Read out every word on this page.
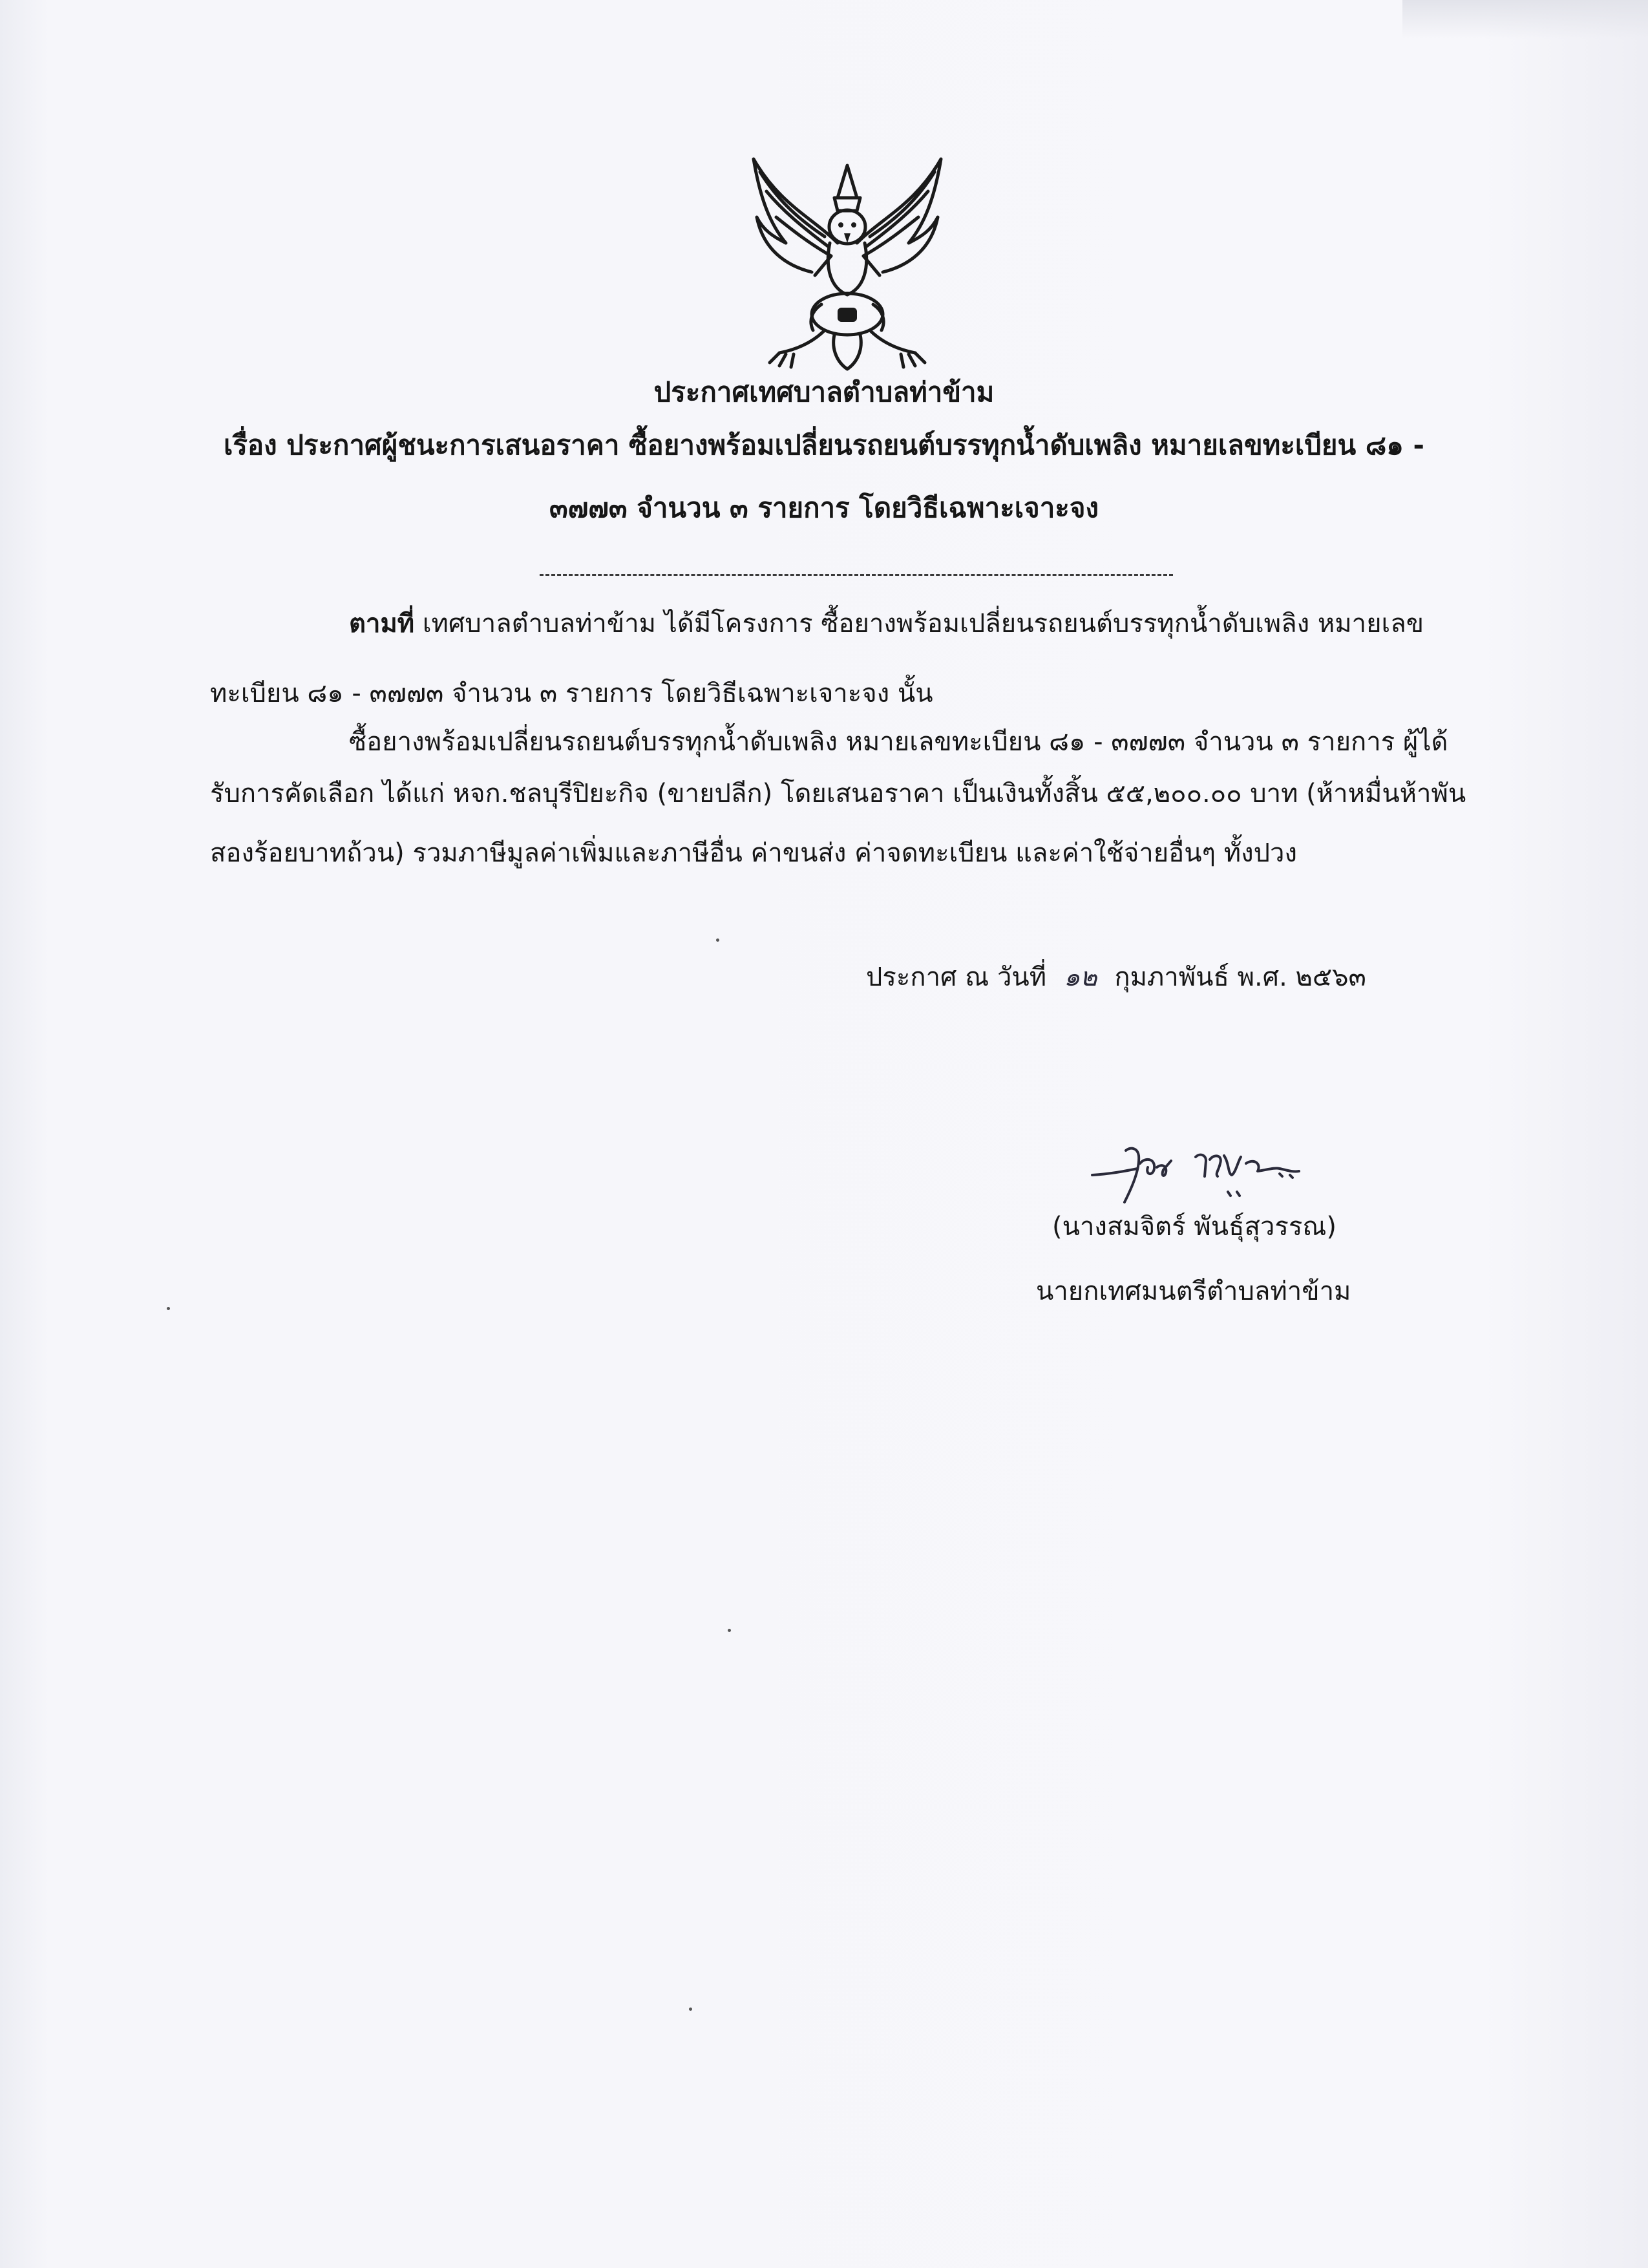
ประกาศเทศบาลตำบลท่าข้าม
เรื่อง ประกาศผู้ชนะการเสนอราคา ซื้อยางพร้อมเปลี่ยนรถยนต์บรรทุกน้ำดับเพลิง หมายเลขทะเบียน ๘๑ -
๓๗๗๓ จำนวน ๓ รายการ โดยวิธีเฉพาะเจาะจง
ตามที่ เทศบาลตำบลท่าข้าม ได้มีโครงการ ซื้อยางพร้อมเปลี่ยนรถยนต์บรรทุกน้ำดับเพลิง หมายเลข
ทะเบียน ๘๑ - ๓๗๗๓ จำนวน ๓ รายการ โดยวิธีเฉพาะเจาะจง นั้น
ซื้อยางพร้อมเปลี่ยนรถยนต์บรรทุกน้ำดับเพลิง หมายเลขทะเบียน ๘๑ - ๓๗๗๓ จำนวน ๓ รายการ ผู้ได้
รับการคัดเลือก ได้แก่ หจก.ชลบุรีปิยะกิจ (ขายปลีก) โดยเสนอราคา เป็นเงินทั้งสิ้น ๕๕,๒๐๐.๐๐ บาท (ห้าหมื่นห้าพัน
สองร้อยบาทถ้วน) รวมภาษีมูลค่าเพิ่มและภาษีอื่น ค่าขนส่ง ค่าจดทะเบียน และค่าใช้จ่ายอื่นๆ ทั้งปวง
ประกาศ ณ วันที่ ๑๒ กุมภาพันธ์ พ.ศ. ๒๕๖๓
(นางสมจิตร์ พันธุ์สุวรรณ)
นายกเทศมนตรีตำบลท่าข้าม
